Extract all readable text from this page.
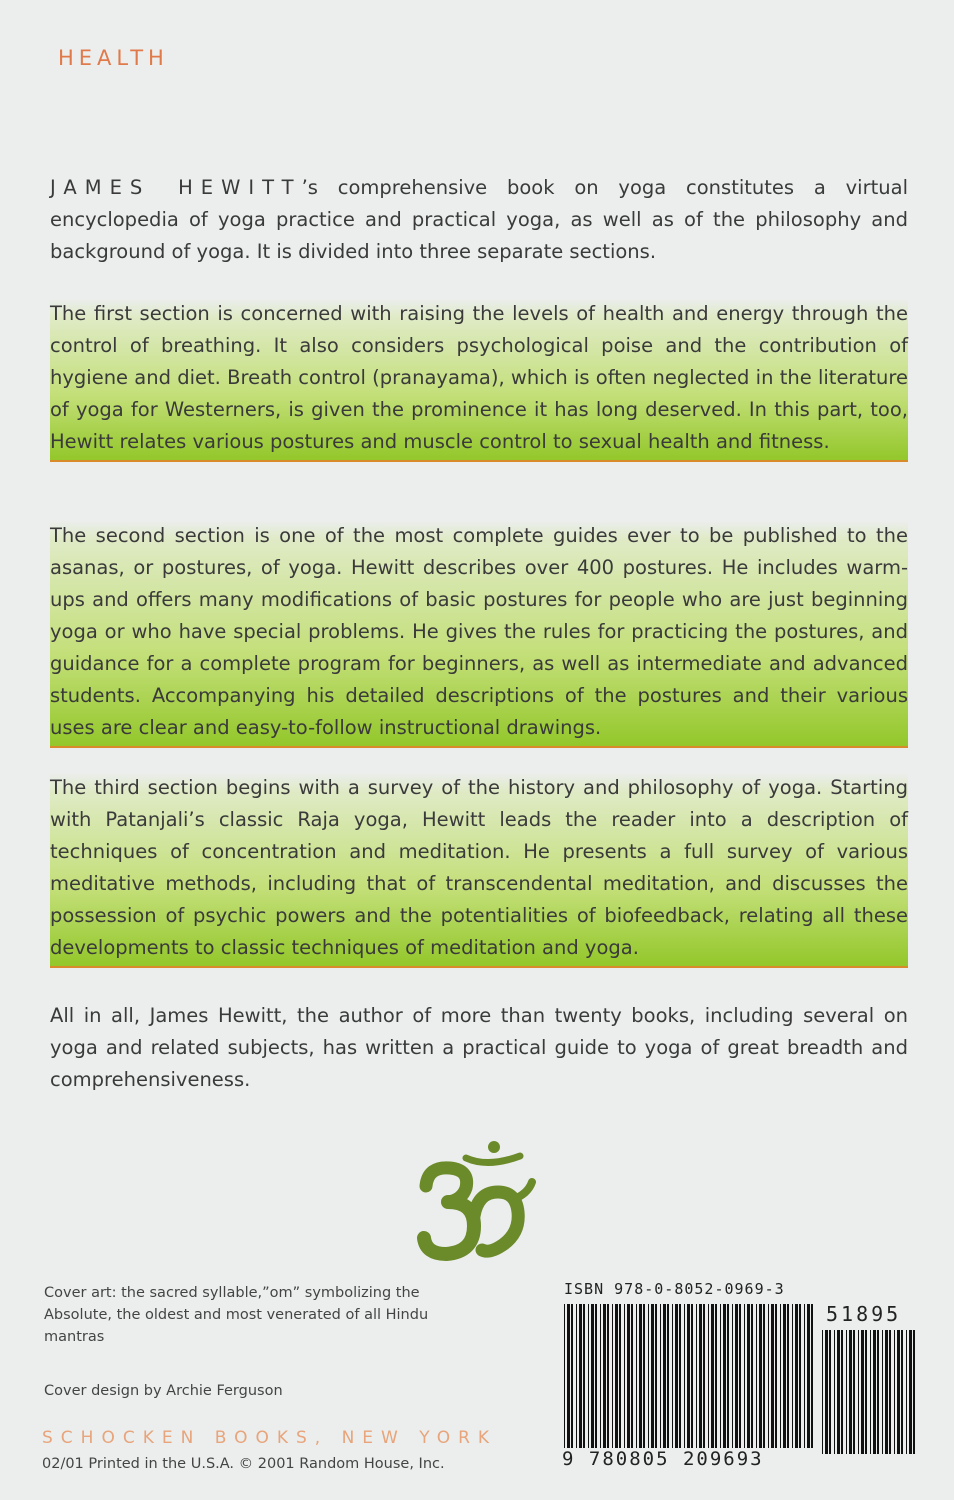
HEALTH

JAMES HEWITT’s comprehensive book on yoga constitutes a virtual encyclopedia of yoga practice and practical yoga, as well as of the philosophy and background of yoga. It is divided into three separate sections.

The first section is concerned with raising the levels of health and energy through the control of breathing. It also considers psychological poise and the contribution of hygiene and diet. Breath control (pranayama), which is often neglected in the literature of yoga for Westerners, is given the prominence it has long deserved. In this part, too, Hewitt relates various postures and muscle control to sexual health and fitness.

The second section is one of the most complete guides ever to be published to the asanas, or postures, of yoga. Hewitt describes over 400 postures. He includes warm-ups and offers many modifications of basic postures for people who are just beginning yoga or who have special problems. He gives the rules for practicing the postures, and guidance for a complete program for beginners, as well as intermediate and advanced students. Accompanying his detailed descriptions of the postures and their various uses are clear and easy-to-follow instructional drawings.

The third section begins with a survey of the history and philosophy of yoga. Starting with Patanjali’s classic Raja yoga, Hewitt leads the reader into a description of techniques of concentration and meditation. He presents a full survey of various meditative methods, including that of transcendental meditation, and discusses the possession of psychic powers and the potentialities of biofeedback, relating all these developments to classic techniques of meditation and yoga.

All in all, James Hewitt, the author of more than twenty books, including several on yoga and related subjects, has written a practical guide to yoga of great breadth and comprehensiveness.

Cover art: the sacred syllable,”om” symbolizing the Absolute, the oldest and most venerated of all Hindu mantras
Cover design by Archie Ferguson
SCHOCKEN BOOKS, NEW YORK
02/01 Printed in the U.S.A. © 2001 Random House, Inc.
ISBN 978-0-8052-0969-3
51895
9 780805 209693
